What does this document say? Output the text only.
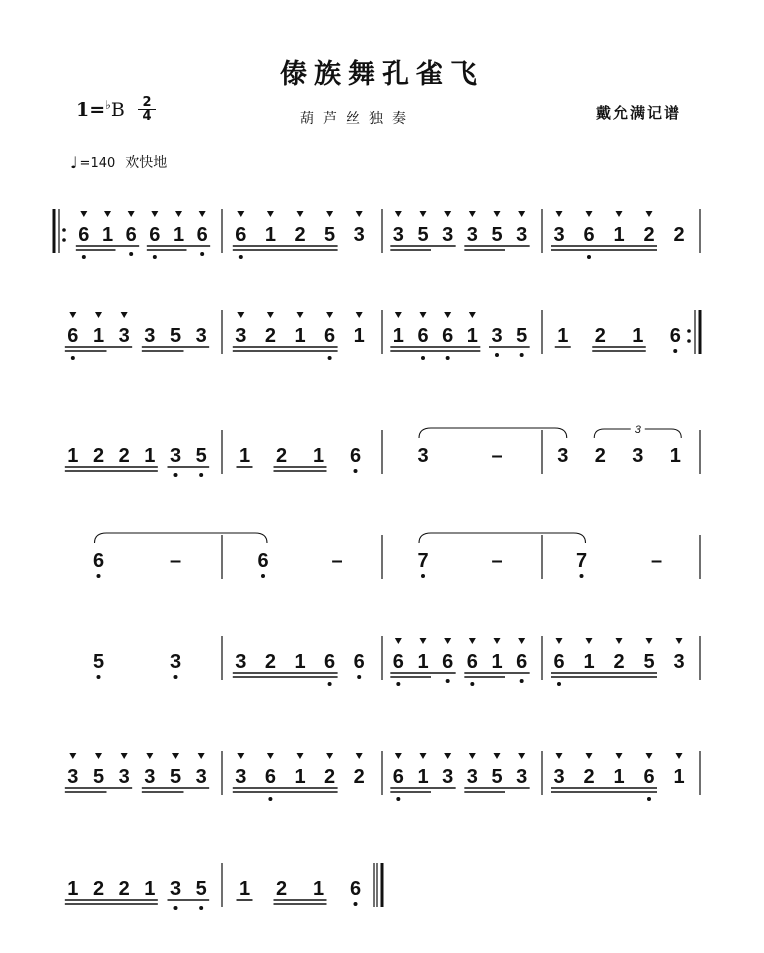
傣族舞孔雀飞
$1=^♭B \frac{2}{4}$	葫芦丝独奏	戴允满记谱
♩ =140 欢快地
6 1 6 6 1 6 6 1 2 5 3 3 5 3 3 5 3 3 6 1 2 2
6 1 3 3 5 3 3 2 1 6 1 1 6 6 1 3 5 1 2 1 6
1 2 2 1 3 5 1 2 1 6	3	–	3 2 3 1
3
6	–	6	–	7	–	7	–
5	3	3 2 1 6 6 6 1 6 6 1 6 6 1 2 5 3
3 5 3 3 5 3 3 6 1 2 2 6 1 3 3 5 3 3 2 1 6 1
1 2 2 1 3 5 1 2 1 6
